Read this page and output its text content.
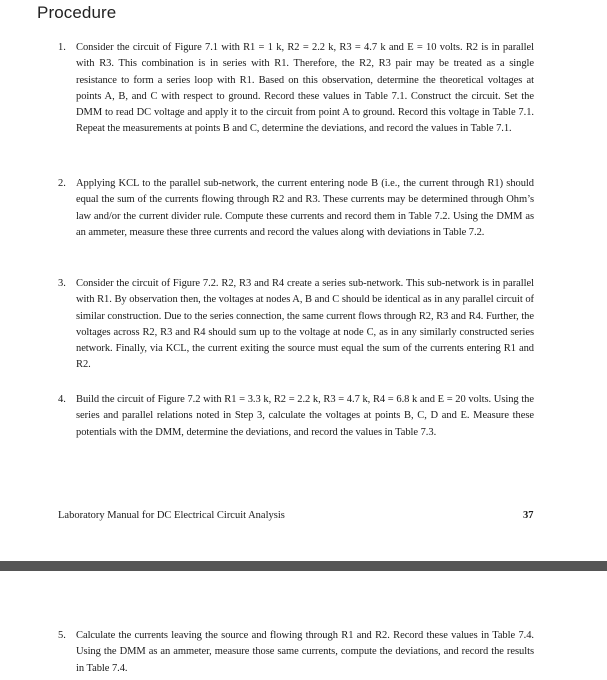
Procedure
1. Consider the circuit of Figure 7.1 with R1 = 1 k, R2 = 2.2 k, R3 = 4.7 k and E = 10 volts. R2 is in parallel with R3. This combination is in series with R1. Therefore, the R2, R3 pair may be treated as a single resistance to form a series loop with R1. Based on this observation, determine the theoretical voltages at points A, B, and C with respect to ground. Record these values in Table 7.1. Construct the circuit. Set the DMM to read DC voltage and apply it to the circuit from point A to ground. Record this voltage in Table 7.1. Repeat the measurements at points B and C, determine the deviations, and record the values in Table 7.1.

2. Applying KCL to the parallel sub-network, the current entering node B (i.e., the current through R1) should equal the sum of the currents flowing through R2 and R3. These currents may be determined through Ohm’s law and/or the current divider rule. Compute these currents and record them in Table 7.2. Using the DMM as an ammeter, measure these three currents and record the values along with deviations in Table 7.2.

3. Consider the circuit of Figure 7.2. R2, R3 and R4 create a series sub-network. This sub-network is in parallel with R1. By observation then, the voltages at nodes A, B and C should be identical as in any parallel circuit of similar construction. Due to the series connection, the same current flows through R2, R3 and R4. Further, the voltages across R2, R3 and R4 should sum up to the voltage at node C, as in any similarly constructed series network. Finally, via KCL, the current exiting the source must equal the sum of the currents entering R1 and R2.

4. Build the circuit of Figure 7.2 with R1 = 3.3 k, R2 = 2.2 k, R3 = 4.7 k, R4 = 6.8 k and E = 20 volts. Using the series and parallel relations noted in Step 3, calculate the voltages at points B, C, D and E. Measure these potentials with the DMM, determine the deviations, and record the values in Table 7.3.

5. Calculate the currents leaving the source and flowing through R1 and R2. Record these values in Table 7.4. Using the DMM as an ammeter, measure those same currents, compute the deviations, and record the results in Table 7.4.

Laboratory Manual for DC Electrical Circuit Analysis	37
